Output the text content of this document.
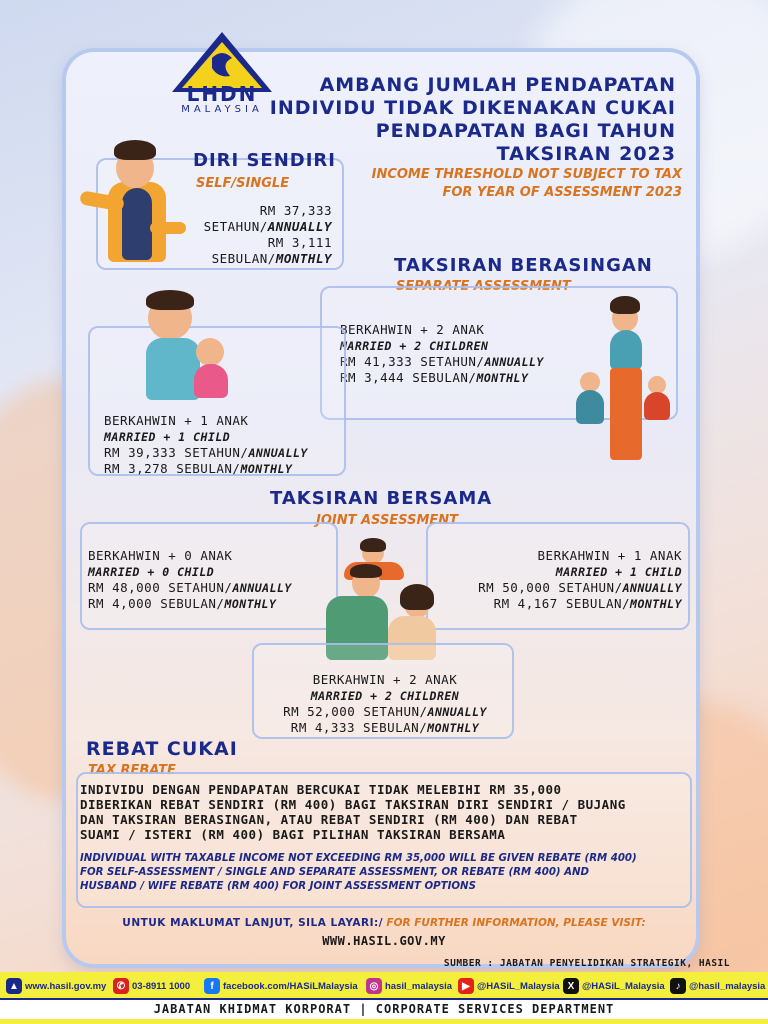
LHDN
MALAYSIA
AMBANG JUMLAH PENDAPATAN
INDIVIDU TIDAK DIKENAKAN CUKAI
PENDAPATAN BAGI TAHUN
TAKSIRAN 2023
INCOME THRESHOLD NOT SUBJECT TO TAX
FOR YEAR OF ASSESSMENT 2023
DIRI SENDIRI
SELF/SINGLE
RM 37,333
SETAHUN/ANNUALLY
RM 3,111
SEBULAN/MONTHLY	TAKSIRAN BERASINGAN
SEPARATE ASSESSMENT
BERKAHWIN + 2 ANAK
MARRIED + 2 CHILDREN
RM 41,333 SETAHUN/ANNUALLY
RM 3,444 SEBULAN/MONTHLY
BERKAHWIN + 1 ANAK
MARRIED + 1 CHILD
RM 39,333 SETAHUN/ANNUALLY
RM 3,278 SEBULAN/MONTHLY
TAKSIRAN BERSAMA
JOINT ASSESSMENT
BERKAHWIN + 0 ANAK
MARRIED + 0 CHILD
RM 48,000 SETAHUN/ANNUALLY
RM 4,000 SEBULAN/MONTHLY
BERKAHWIN + 1 ANAK
MARRIED + 1 CHILD
RM 50,000 SETAHUN/ANNUALLY
RM 4,167 SEBULAN/MONTHLY
BERKAHWIN + 2 ANAK
MARRIED + 2 CHILDREN
RM 52,000 SETAHUN/ANNUALLY
RM 4,333 SEBULAN/MONTHLY
REBAT CUKAI
TAX REBATE
INDIVIDU DENGAN PENDAPATAN BERCUKAI TIDAK MELEBIHI RM 35,000
DIBERIKAN REBAT SENDIRI (RM 400) BAGI TAKSIRAN DIRI SENDIRI / BUJANG
DAN TAKSIRAN BERASINGAN, ATAU REBAT SENDIRI (RM 400) DAN REBAT
SUAMI / ISTERI (RM 400) BAGI PILIHAN TAKSIRAN BERSAMA
INDIVIDUAL WITH TAXABLE INCOME NOT EXCEEDING RM 35,000 WILL BE GIVEN REBATE (RM 400)
FOR SELF-ASSESSMENT / SINGLE AND SEPARATE ASSESSMENT, OR REBATE (RM 400) AND
HUSBAND / WIFE REBATE (RM 400) FOR JOINT ASSESSMENT OPTIONS
UNTUK MAKLUMAT LANJUT, SILA LAYARI:/ FOR FURTHER INFORMATION, PLEASE VISIT:
WWW.HASIL.GOV.MY
SUMBER : JABATAN PENYELIDIKAN STRATEGIK, HASIL
▲ www.hasil.gov.my	✆ 03-8911 1000	f facebook.com/HASiLMalaysia	◎ hasil_malaysia	▶ @HASiL_Malaysia X @HASiL_Malaysia	♪ @hasil_malaysia
JABATAN KHIDMAT KORPORAT | CORPORATE SERVICES DEPARTMENT
